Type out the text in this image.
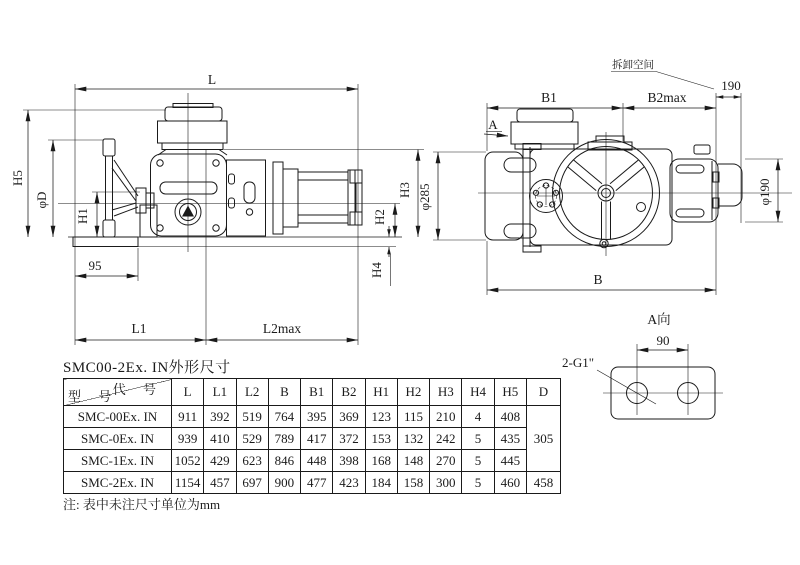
L
H5
φD
H1
95
L1	L2max
H3
H2
H4
拆卸空间
190
B1	B2max
A
φ285	φ190
B
A向
90
2-G1"
SMC00-2Ex. IN外形尺寸
代 号
型 号	L	L1	L2	B	B1	B2	H1	H2	H3	H4	H5	D
SMC-00Ex. IN	911	392	519	764	395	369	123	115	210	4	408	305
SMC-0Ex. IN	939	410	529	789	417	372	153	132	242	5	435	
SMC-1Ex. IN	1052	429	623	846	448	398	168	148	270	5	445	
SMC-2Ex. IN	1154	457	697	900	477	423	184	158	300	5	460	458
注: 表中未注尺寸单位为mm
